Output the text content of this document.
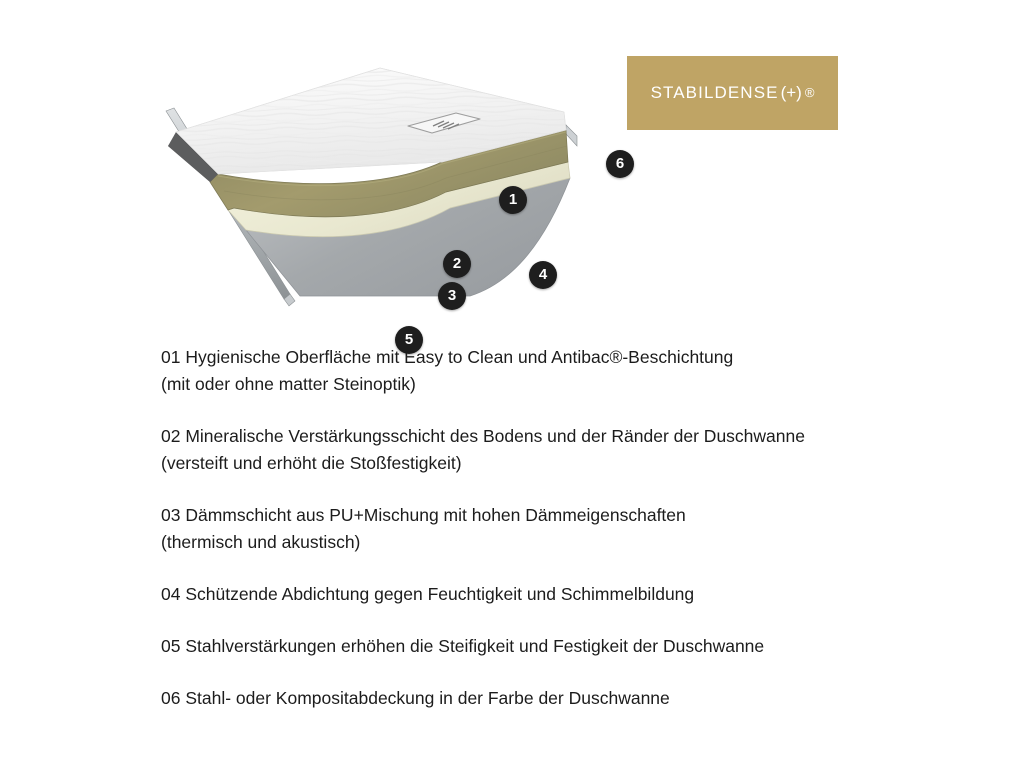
1
2
3
4
5
6
STABILDENSE (+) ®
01 Hygienische Oberfläche mit Easy to Clean und Antibac®-Beschichtung
(mit oder ohne matter Steinoptik)
02 Mineralische Verstärkungsschicht des Bodens und der Ränder der Duschwanne
(versteift und erhöht die Stoßfestigkeit)
03 Dämmschicht aus PU+Mischung mit hohen Dämmeigenschaften
(thermisch und akustisch)
04 Schützende Abdichtung gegen Feuchtigkeit und Schimmelbildung
05 Stahlverstärkungen erhöhen die Steifigkeit und Festigkeit der Duschwanne
06 Stahl- oder Kompositabdeckung in der Farbe der Duschwanne
